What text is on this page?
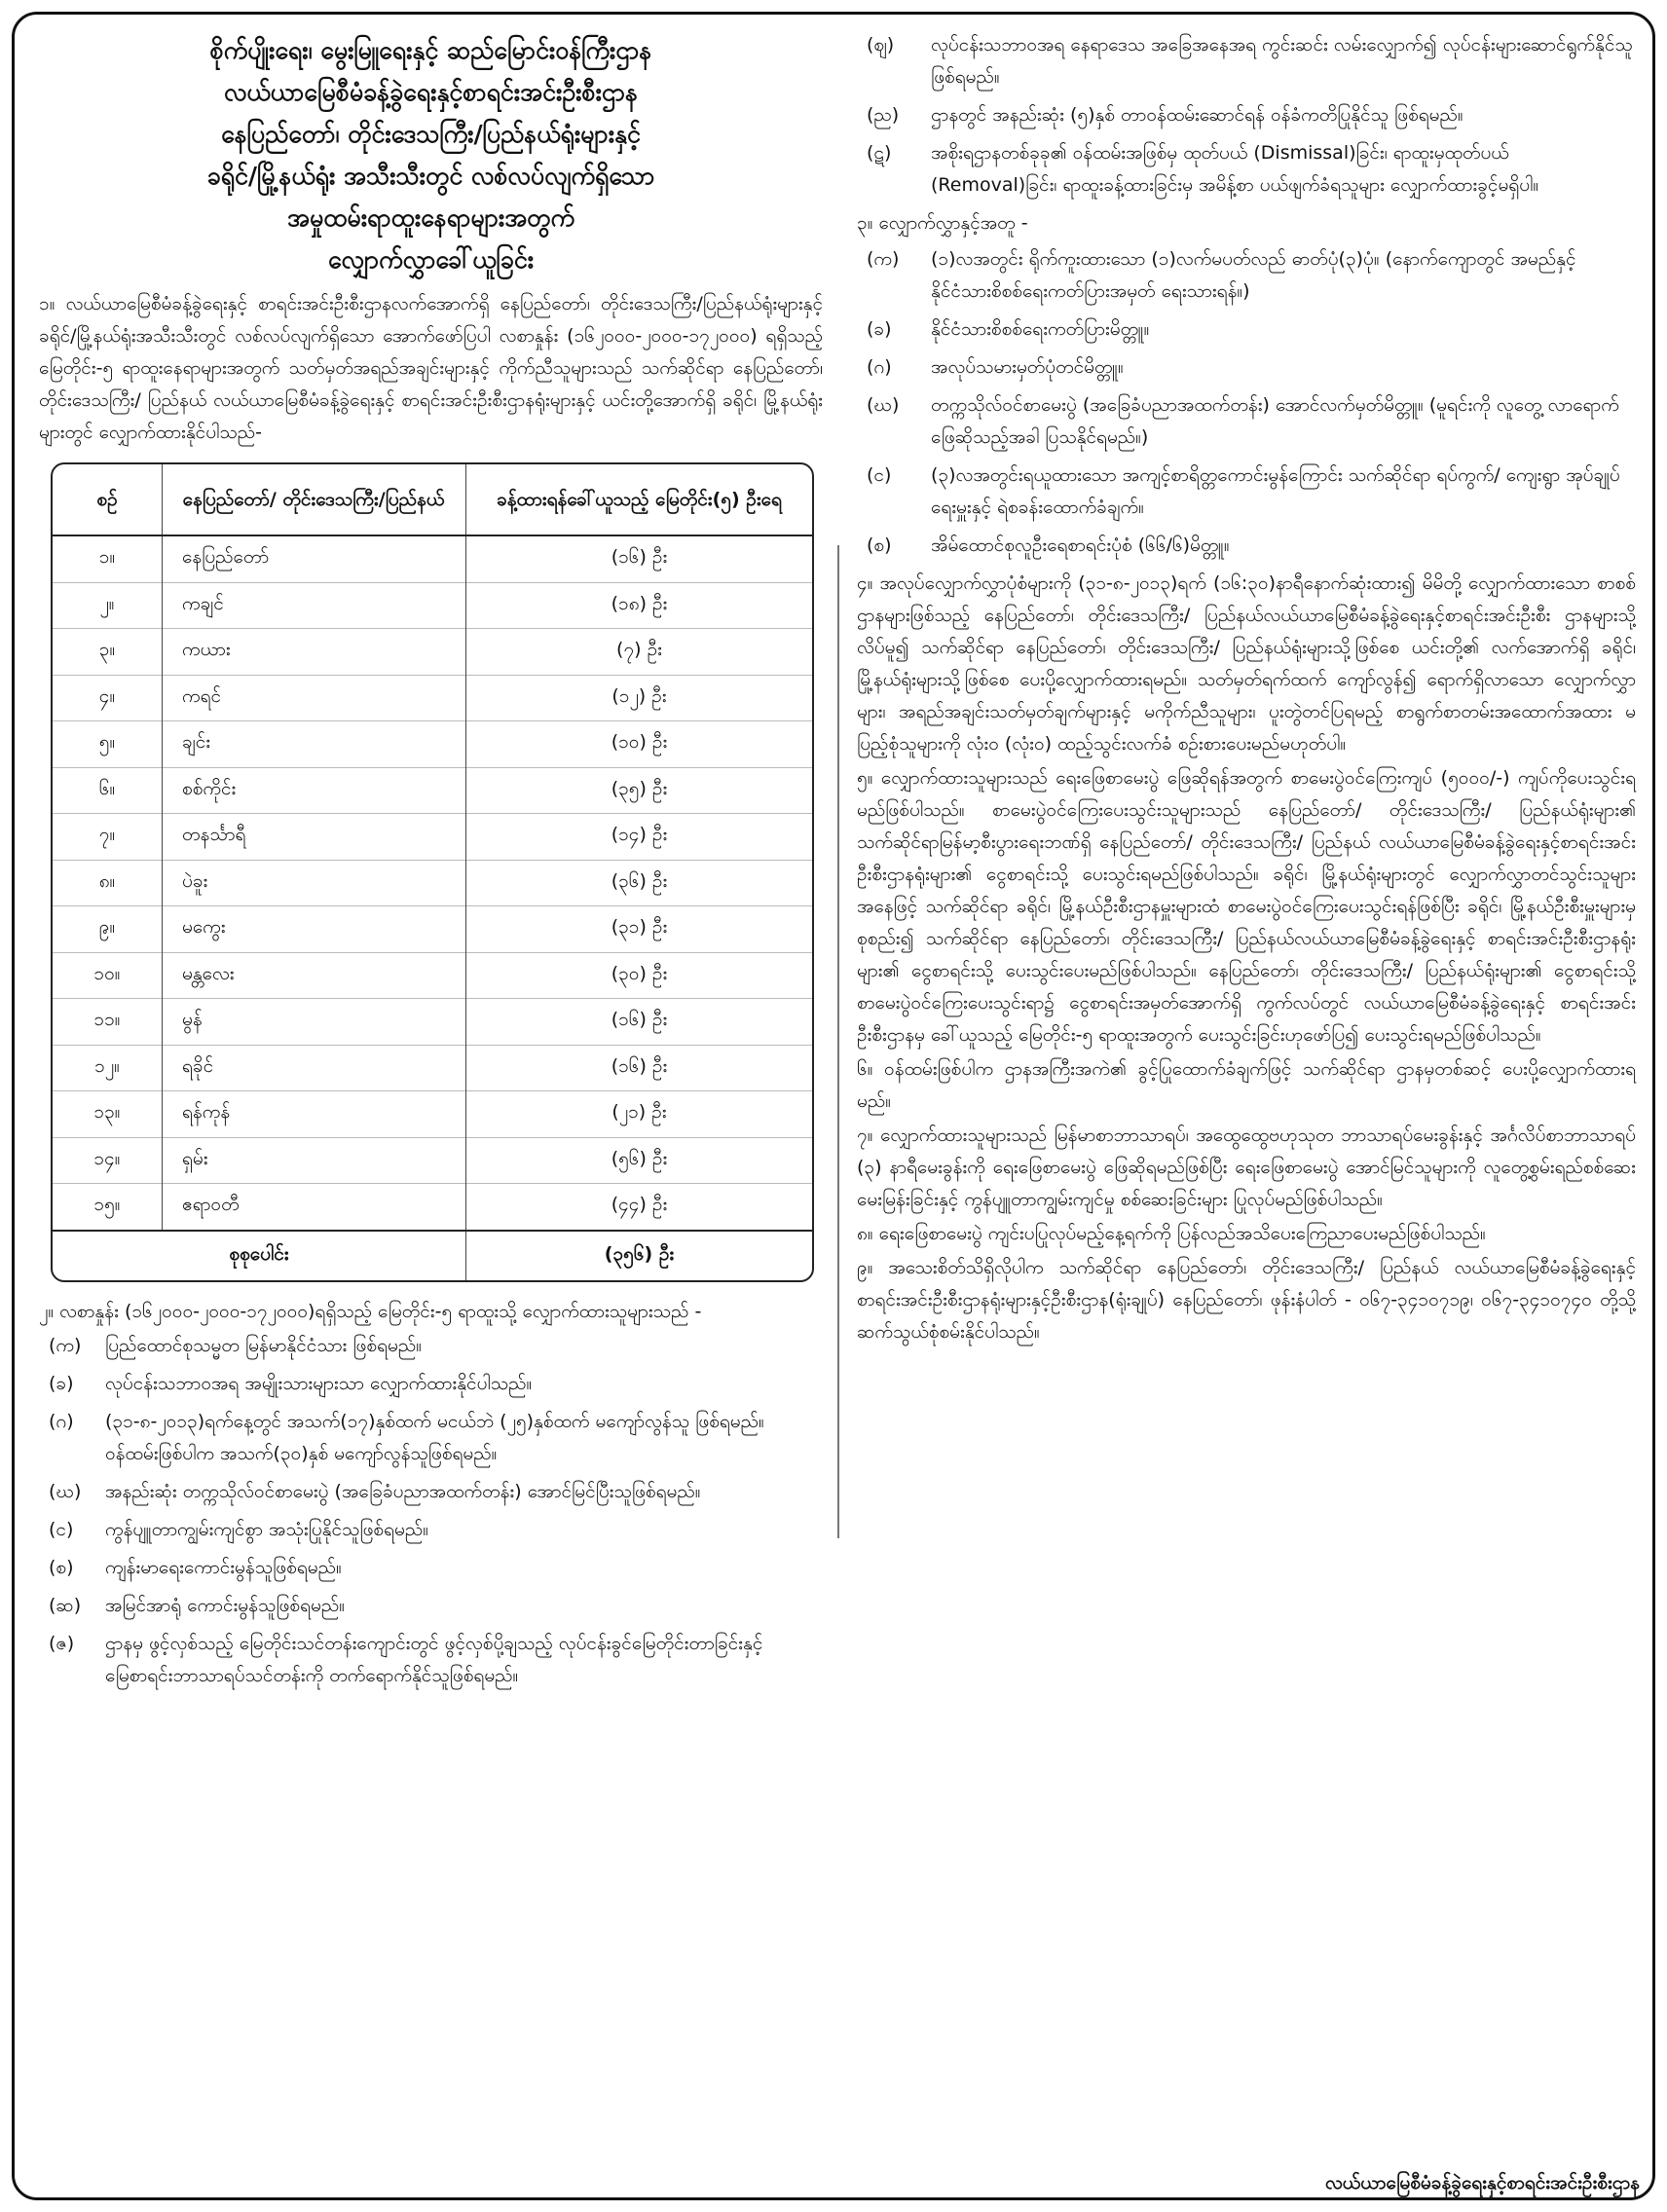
စိုက်ပျိုးရေး၊ မွေးမြူရေးနှင့် ဆည်မြောင်းဝန်ကြီးဌာန
လယ်ယာမြေစီမံခန့်ခွဲရေးနှင့်စာရင်းအင်းဦးစီးဌာန
နေပြည်တော်၊ တိုင်းဒေသကြီး/ပြည်နယ်ရုံးများနှင့်
ခရိုင်/မြို့နယ်ရုံး အသီးသီးတွင် လစ်လပ်လျက်ရှိသော
အမှုထမ်းရာထူးနေရာများအတွက်
လျှောက်လွှာခေါ်ယူခြင်း

၁။ လယ်ယာမြေစီမံခန့်ခွဲရေးနှင့် စာရင်းအင်းဦးစီးဌာနလက်အောက်ရှိ နေပြည်တော်၊ တိုင်းဒေသကြီး/ပြည်နယ်ရုံးများနှင့် ခရိုင်/မြို့နယ်ရုံးအသီးသီးတွင် လစ်လပ်လျက်ရှိသော အောက်ဖော်ပြပါ လစာနှုန်း (၁၆၂၀၀၀-၂၀၀၀-၁၇၂၀၀၀) ရရှိသည့် မြေတိုင်း-၅ ရာထူးနေရာများအတွက် သတ်မှတ်အရည်အချင်းများနှင့် ကိုက်ညီသူများသည် သက်ဆိုင်ရာ နေပြည်တော်၊ တိုင်းဒေသကြီး/ ပြည်နယ် လယ်ယာမြေစီမံခန့်ခွဲရေးနှင့် စာရင်းအင်းဦးစီးဌာနရုံးများနှင့် ယင်းတို့အောက်ရှိ ခရိုင်၊ မြို့နယ်ရုံးများတွင် လျှောက်ထားနိုင်ပါသည်-

စဉ်	နေပြည်တော်/ တိုင်းဒေသကြီး/ပြည်နယ်	ခန့်ထားရန်ခေါ်ယူသည့် မြေတိုင်း(၅) ဦးရေ
၁။	နေပြည်တော်	(၁၆) ဦး
၂။	ကချင်	(၁၈) ဦး
၃။	ကယား	(၇) ဦး
၄။	ကရင်	(၁၂) ဦး
၅။	ချင်း	(၁၀) ဦး
၆။	စစ်ကိုင်း	(၃၅) ဦး
၇။	တနင်္သာရီ	(၁၄) ဦး
၈။	ပဲခူး	(၃၆) ဦး
၉။	မကွေး	(၃၁) ဦး
၁၀။	မန္တလေး	(၃၀) ဦး
၁၁။	မွန်	(၁၆) ဦး
၁၂။	ရခိုင်	(၁၆) ဦး
၁၃။	ရန်ကုန်	(၂၁) ဦး
၁၄။	ရှမ်း	(၅၆) ဦး
၁၅။	ဧရာဝတီ	(၄၄) ဦး
စုစုပေါင်း		(၃၅၆) ဦး

၂။ လစာနှုန်း (၁၆၂၀၀၀-၂၀၀၀-၁၇၂၀၀၀)ရရှိသည့် မြေတိုင်း-၅ ရာထူးသို့ လျှောက်ထားသူများသည် -

(က)	ပြည်ထောင်စုသမ္မတ မြန်မာနိုင်ငံသား ဖြစ်ရမည်။
(ခ)	လုပ်ငန်းသဘာဝအရ အမျိုးသားများသာ လျှောက်ထားနိုင်ပါသည်။
(ဂ)	(၃၁-၈-၂၀၁၃)ရက်နေ့တွင် အသက်(၁၇)နှစ်ထက် မငယ်ဘဲ (၂၅)နှစ်ထက် မကျော်လွန်သူ ဖြစ်ရမည်။ ဝန်ထမ်းဖြစ်ပါက အသက်(၃၀)နှစ် မကျော်လွန်သူဖြစ်ရမည်။
(ဃ)	အနည်းဆုံး တက္ကသိုလ်ဝင်စာမေးပွဲ (အခြေခံပညာအထက်တန်း) အောင်မြင်ပြီးသူဖြစ်ရမည်။
(င)	ကွန်ပျူတာကျွမ်းကျင်စွာ အသုံးပြုနိုင်သူဖြစ်ရမည်။
(စ)	ကျန်းမာရေးကောင်းမွန်သူဖြစ်ရမည်။
(ဆ)	အမြင်အာရုံ ကောင်းမွန်သူဖြစ်ရမည်။
(ဇ)	ဌာနမှ ဖွင့်လှစ်သည့် မြေတိုင်းသင်တန်းကျောင်းတွင် ဖွင့်လှစ်ပို့ချသည့် လုပ်ငန်းခွင်မြေတိုင်းတာခြင်းနှင့် မြေစာရင်းဘာသာရပ်သင်တန်းကို တက်ရောက်နိုင်သူဖြစ်ရမည်။
(ဈ)	လုပ်ငန်းသဘာဝအရ နေရာဒေသ အခြေအနေအရ ကွင်းဆင်း လမ်းလျှောက်၍ လုပ်ငန်းများဆောင်ရွက်နိုင်သူ ဖြစ်ရမည်။
(ည)	ဌာနတွင် အနည်းဆုံး (၅)နှစ် တာဝန်ထမ်းဆောင်ရန် ဝန်ခံကတိပြုနိုင်သူ ဖြစ်ရမည်။
(ဋ)	အစိုးရဌာနတစ်ခုခု၏ ဝန်ထမ်းအဖြစ်မှ ထုတ်ပယ် (Dismissal)ခြင်း၊ ရာထူးမှထုတ်ပယ် (Removal)ခြင်း၊ ရာထူးခန့်ထားခြင်းမှ အမိန့်စာ ပယ်ဖျက်ခံရသူများ လျှောက်ထားခွင့်မရှိပါ။
၃။ လျှောက်လွှာနှင့်အတူ -
(က)	(၁)လအတွင်း ရိုက်ကူးထားသော (၁)လက်မပတ်လည် ဓာတ်ပုံ(၃)ပုံ။ (နောက်ကျောတွင် အမည်နှင့် နိုင်ငံသားစိစစ်ရေးကတ်ပြားအမှတ် ရေးသားရန်။)
(ခ)	နိုင်ငံသားစိစစ်ရေးကတ်ပြားမိတ္တူ။
(ဂ)	အလုပ်သမားမှတ်ပုံတင်မိတ္တူ။
(ဃ)	တက္ကသိုလ်ဝင်စာမေးပွဲ (အခြေခံပညာအထက်တန်း) အောင်လက်မှတ်မိတ္တူ။ (မူရင်းကို လူတွေ့ လာရောက်ဖြေဆိုသည့်အခါ ပြသနိုင်ရမည်။)
(င)	(၃)လအတွင်းရယူထားသော အကျင့်စာရိတ္တကောင်းမွန်ကြောင်း သက်ဆိုင်ရာ ရပ်ကွက်/ ကျေးရွာ အုပ်ချုပ်ရေးမှူးနှင့် ရဲစခန်းထောက်ခံချက်။
(စ)	အိမ်ထောင်စုလူဦးရေစာရင်းပုံစံ (၆၆/၆)မိတ္တူ။

၄။ အလုပ်လျှောက်လွှာပုံစံများကို (၃၁-၈-၂၀၁၃)ရက် (၁၆:၃၀)နာရီနောက်ဆုံးထား၍ မိမိတို့ လျှောက်ထားသော စာစစ်ဌာနများဖြစ်သည့် နေပြည်တော်၊ တိုင်းဒေသကြီး/ ပြည်နယ်လယ်ယာမြေစီမံခန့်ခွဲရေးနှင့်စာရင်းအင်းဦးစီး ဌာနများသို့ လိပ်မူ၍ သက်ဆိုင်ရာ နေပြည်တော်၊ တိုင်းဒေသကြီး/ ပြည်နယ်ရုံးများသို့ဖြစ်စေ ယင်းတို့၏ လက်အောက်ရှိ ခရိုင်၊ မြို့နယ်ရုံးများသို့ဖြစ်စေ ပေးပို့လျှောက်ထားရမည်။ သတ်မှတ်ရက်ထက် ကျော်လွန်၍ ရောက်ရှိလာသော လျှောက်လွှာများ၊ အရည်အချင်းသတ်မှတ်ချက်များနှင့် မကိုက်ညီသူများ၊ ပူးတွဲတင်ပြရမည့် စာရွက်စာတမ်းအထောက်အထား မပြည့်စုံသူများကို လုံးဝ (လုံးဝ) ထည့်သွင်းလက်ခံ စဉ်းစားပေးမည်မဟုတ်ပါ။

၅။ လျှောက်ထားသူများသည် ရေးဖြေစာမေးပွဲ ဖြေဆိုရန်အတွက် စာမေးပွဲဝင်ကြေးကျပ် (၅၀၀၀/-) ကျပ်ကိုပေးသွင်းရမည်ဖြစ်ပါသည်။ စာမေးပွဲဝင်ကြေးပေးသွင်းသူများသည် နေပြည်တော်/ တိုင်းဒေသကြီး/ ပြည်နယ်ရုံးများ၏ သက်ဆိုင်ရာမြန်မာ့စီးပွားရေးဘဏ်ရှိ နေပြည်တော်/ တိုင်းဒေသကြီး/ ပြည်နယ် လယ်ယာမြေစီမံခန့်ခွဲရေးနှင့်စာရင်းအင်းဦးစီးဌာနရုံးများ၏ ငွေစာရင်းသို့ ပေးသွင်းရမည်ဖြစ်ပါသည်။ ခရိုင်၊ မြို့နယ်ရုံးများတွင် လျှောက်လွှာတင်သွင်းသူများအနေဖြင့် သက်ဆိုင်ရာ ခရိုင်၊ မြို့နယ်ဦးစီးဌာနမှူးများထံ စာမေးပွဲဝင်ကြေးပေးသွင်းရန်ဖြစ်ပြီး ခရိုင်၊ မြို့နယ်ဦးစီးမှူးများမှ စုစည်း၍ သက်ဆိုင်ရာ နေပြည်တော်၊ တိုင်းဒေသကြီး/ ပြည်နယ်လယ်ယာမြေစီမံခန့်ခွဲရေးနှင့် စာရင်းအင်းဦးစီးဌာနရုံးများ၏ ငွေစာရင်းသို့ ပေးသွင်းပေးမည်ဖြစ်ပါသည်။ နေပြည်တော်၊ တိုင်းဒေသကြီး/ ပြည်နယ်ရုံးများ၏ ငွေစာရင်းသို့ စာမေးပွဲဝင်ကြေးပေးသွင်းရာ၌ ငွေစာရင်းအမှတ်အောက်ရှိ ကွက်လပ်တွင် လယ်ယာမြေစီမံခန့်ခွဲရေးနှင့် စာရင်းအင်းဦးစီးဌာနမှ ခေါ်ယူသည့် မြေတိုင်း-၅ ရာထူးအတွက် ပေးသွင်းခြင်းဟုဖော်ပြ၍ ပေးသွင်းရမည်ဖြစ်ပါသည်။

၆။ ဝန်ထမ်းဖြစ်ပါက ဌာနအကြီးအကဲ၏ ခွင့်ပြုထောက်ခံချက်ဖြင့် သက်ဆိုင်ရာ ဌာနမှတစ်ဆင့် ပေးပို့လျှောက်ထားရမည်။

၇။ လျှောက်ထားသူများသည် မြန်မာစာဘာသာရပ်၊ အထွေထွေဗဟုသုတ ဘာသာရပ်မေးခွန်းနှင့် အင်္ဂလိပ်စာဘာသာရပ် (၃) နာရီမေးခွန်းကို ရေးဖြေစာမေးပွဲ ဖြေဆိုရမည်ဖြစ်ပြီး ရေးဖြေစာမေးပွဲ အောင်မြင်သူများကို လူတွေ့စွမ်းရည်စစ်ဆေးမေးမြန်းခြင်းနှင့် ကွန်ပျူတာကျွမ်းကျင်မှု စစ်ဆေးခြင်းများ ပြုလုပ်မည်ဖြစ်ပါသည်။

၈။ ရေးဖြေစာမေးပွဲ ကျင်းပပြုလုပ်မည့်နေ့ရက်ကို ပြန်လည်အသိပေးကြေညာပေးမည်ဖြစ်ပါသည်။

၉။ အသေးစိတ်သိရှိလိုပါက သက်ဆိုင်ရာ နေပြည်တော်၊ တိုင်းဒေသကြီး/ ပြည်နယ် လယ်ယာမြေစီမံခန့်ခွဲရေးနှင့်စာရင်းအင်းဦးစီးဌာနရုံးများနှင့်ဦးစီးဌာန(ရုံးချုပ်) နေပြည်တော်၊ ဖုန်းနံပါတ် - ၀၆၇-၃၄၁၀၇၁၉၊ ၀၆၇-၃၄၁၀၇၄၀ တို့သို့ ဆက်သွယ်စုံစမ်းနိုင်ပါသည်။

လယ်ယာမြေစီမံခန့်ခွဲရေးနှင့်စာရင်းအင်းဦးစီးဌာန
